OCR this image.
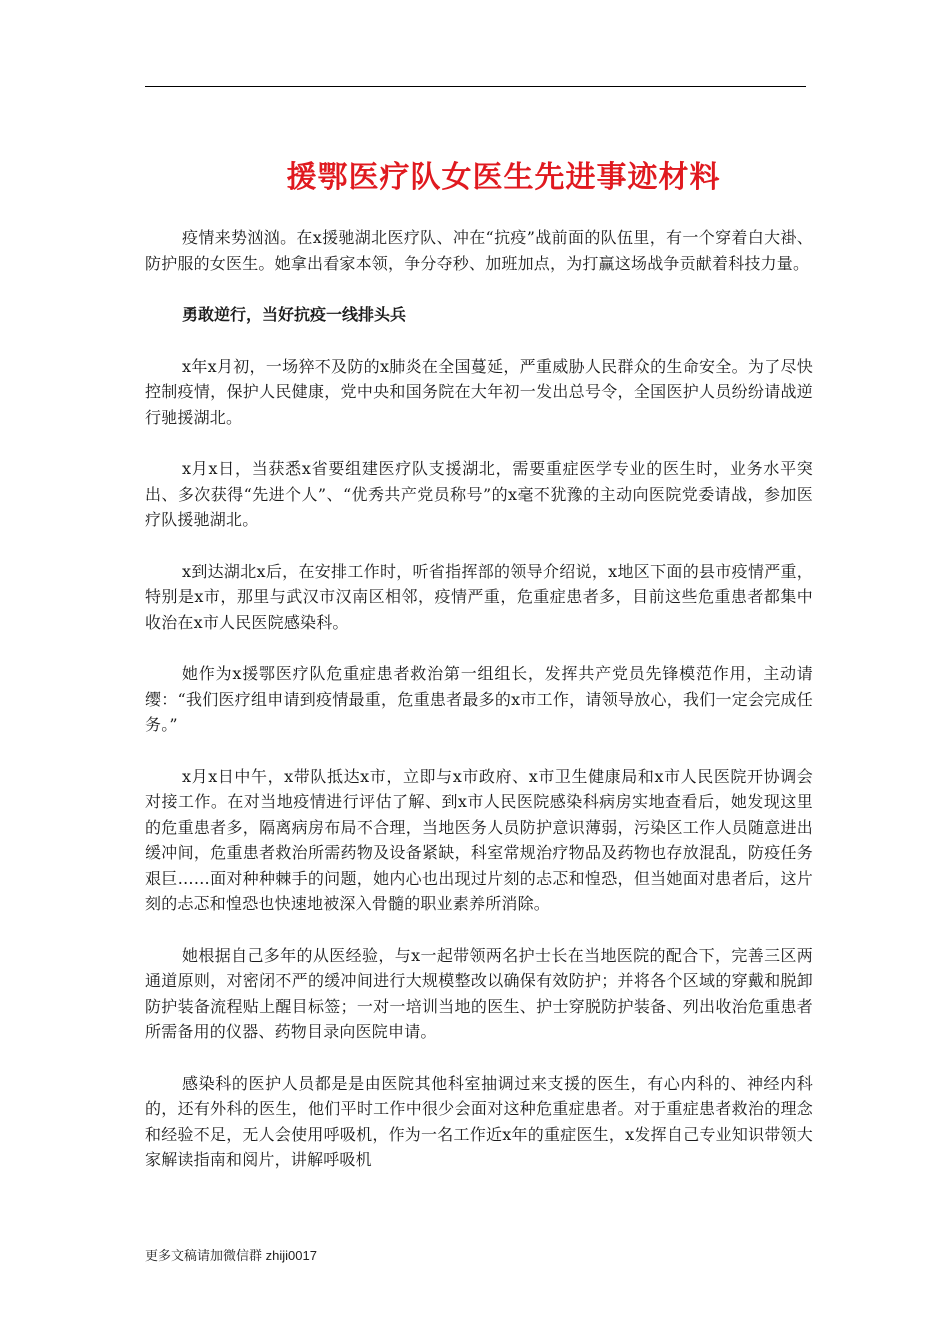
援鄂医疗队女医生先进事迹材料

疫情来势汹汹。在x援驰湖北医疗队、冲在“抗疫”战前面的队伍里，有一个穿着白大褂、防护服的女医生。她拿出看家本领，争分夺秒、加班加点，为打赢这场战争贡献着科技力量。

勇敢逆行，当好抗疫一线排头兵

x年x月初，一场猝不及防的x肺炎在全国蔓延，严重威胁人民群众的生命安全。为了尽快控制疫情，保护人民健康，党中央和国务院在大年初一发出总号令，全国医护人员纷纷请战逆行驰援湖北。

x月x日，当获悉x省要组建医疗队支援湖北，需要重症医学专业的医生时，业务水平突出、多次获得“先进个人”、“优秀共产党员称号”的x毫不犹豫的主动向医院党委请战，参加医疗队援驰湖北。

x到达湖北x后，在安排工作时，听省指挥部的领导介绍说，x地区下面的县市疫情严重，特别是x市，那里与武汉市汉南区相邻，疫情严重，危重症患者多，目前这些危重患者都集中收治在x市人民医院感染科。

她作为x援鄂医疗队危重症患者救治第一组组长，发挥共产党员先锋模范作用，主动请缨：“我们医疗组申请到疫情最重，危重患者最多的x市工作，请领导放心，我们一定会完成任务。”

x月x日中午，x带队抵达x市，立即与x市政府、x市卫生健康局和x市人民医院开协调会对接工作。在对当地疫情进行评估了解、到x市人民医院感染科病房实地查看后，她发现这里的危重患者多，隔离病房布局不合理，当地医务人员防护意识薄弱，污染区工作人员随意进出缓冲间，危重患者救治所需药物及设备紧缺，科室常规治疗物品及药物也存放混乱，防疫任务艰巨……面对种种棘手的问题，她内心也出现过片刻的忐忑和惶恐，但当她面对患者后，这片刻的忐忑和惶恐也快速地被深入骨髓的职业素养所消除。

她根据自己多年的从医经验，与x一起带领两名护士长在当地医院的配合下，完善三区两通道原则，对密闭不严的缓冲间进行大规模整改以确保有效防护；并将各个区域的穿戴和脱卸防护装备流程贴上醒目标签；一对一培训当地的医生、护士穿脱防护装备、列出收治危重患者所需备用的仪器、药物目录向医院申请。

感染科的医护人员都是是由医院其他科室抽调过来支援的医生，有心内科的、神经内科的，还有外科的医生，他们平时工作中很少会面对这种危重症患者。对于重症患者救治的理念和经验不足，无人会使用呼吸机，作为一名工作近x年的重症医生，x发挥自己专业知识带领大家解读指南和阅片，讲解呼吸机

更多文稿请加微信群 zhiji0017
